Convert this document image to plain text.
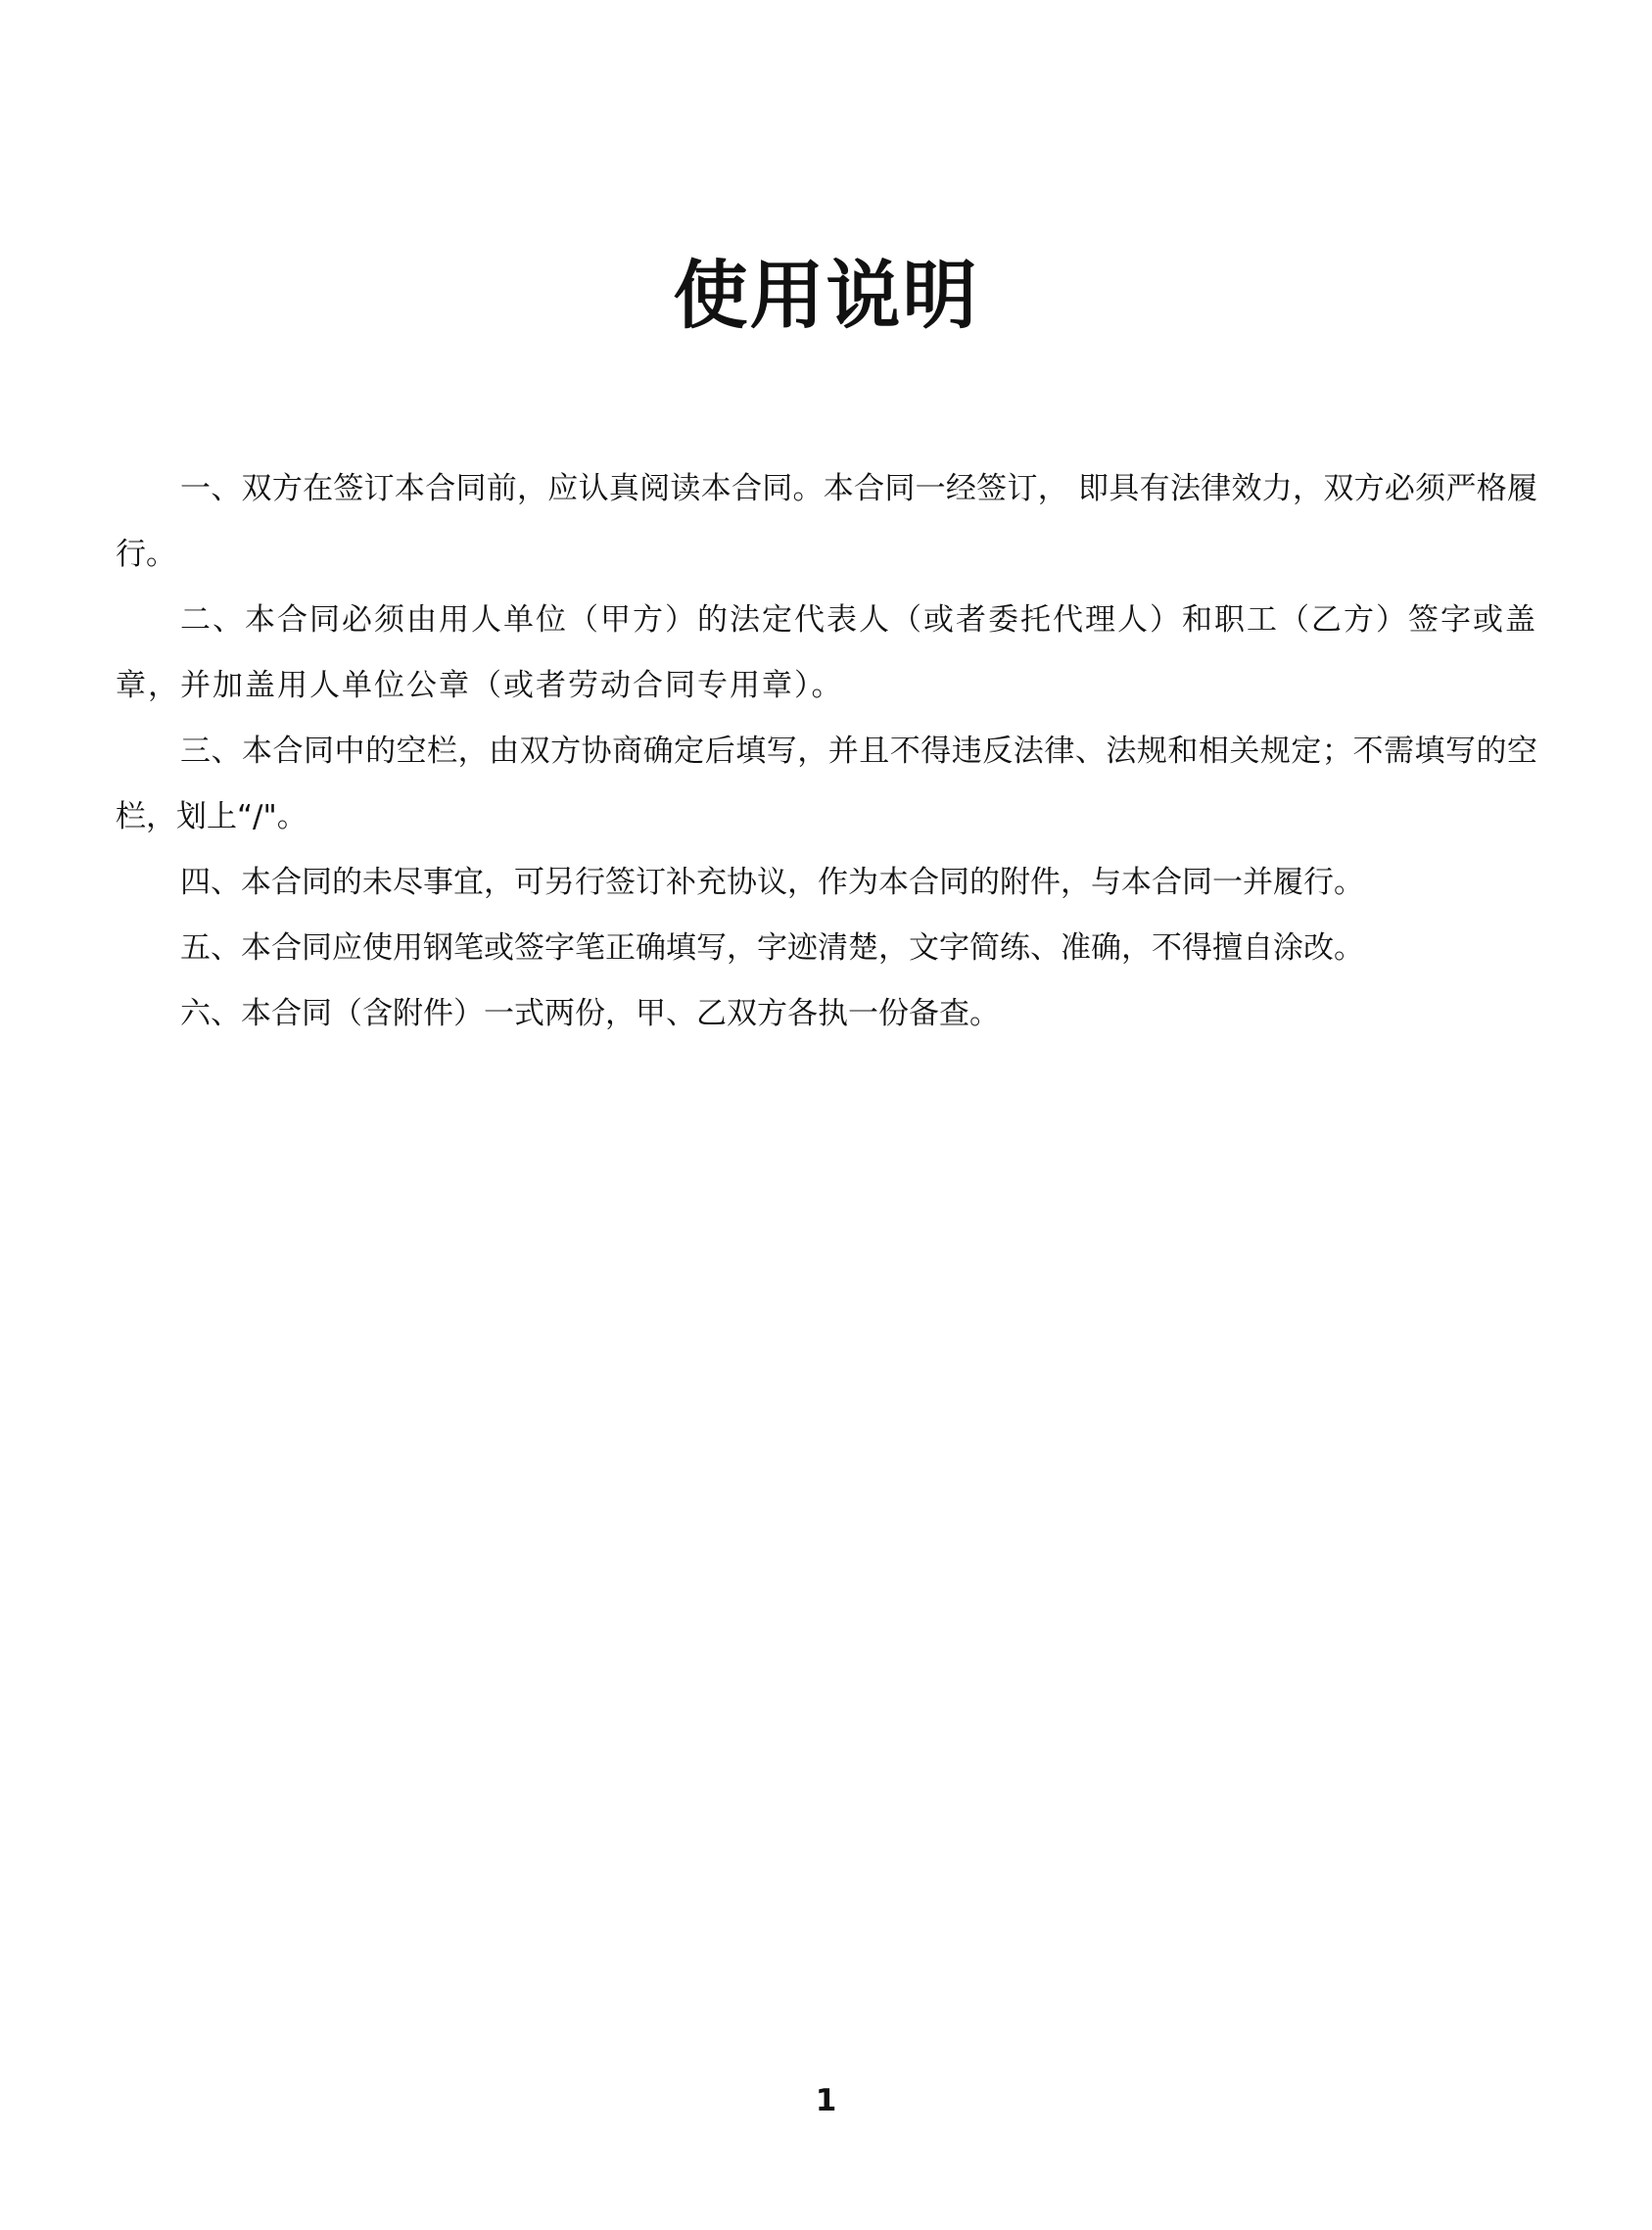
使用说明

一、双方在签订本合同前，应认真阅读本合同。本合同一经签订， 即具有法律效力，双方必须严格履行。

二、本合同必须由用人单位（甲方）的法定代表人（或者委托代理人）和职工（乙方）签字或盖章，并加盖用人单位公章（或者劳动合同专用章）。

三、本合同中的空栏，由双方协商确定后填写，并且不得违反法律、法规和相关规定；不需填写的空栏，划上“/"。

四、本合同的未尽事宜，可另行签订补充协议，作为本合同的附件，与本合同一并履行。

五、本合同应使用钢笔或签字笔正确填写，字迹清楚，文字简练、准确，不得擅自涂改。

六、本合同（含附件）一式两份，甲、乙双方各执一份备查。

1
